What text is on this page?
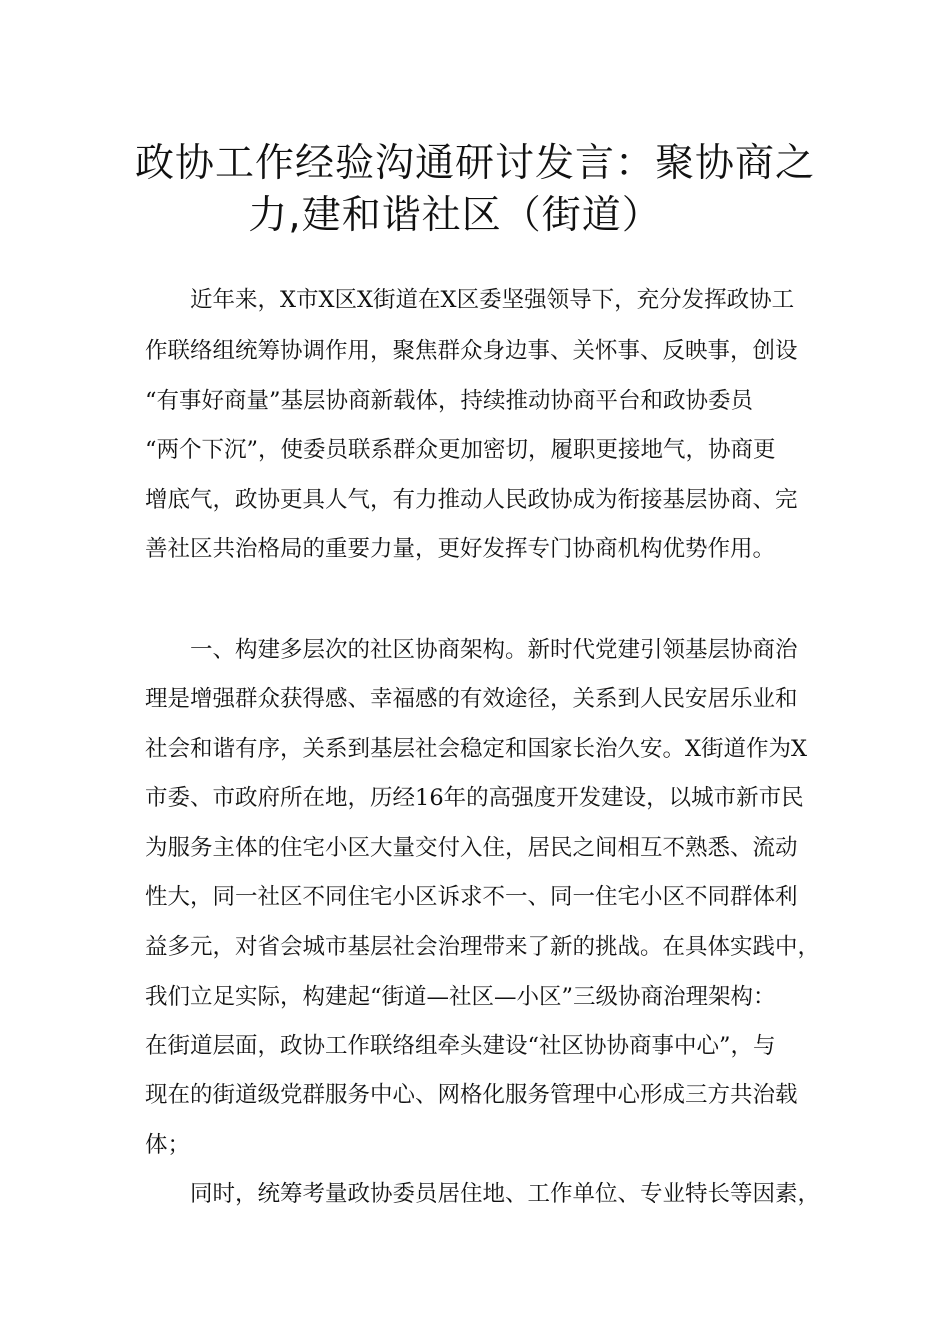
政协工作经验沟通研讨发言：聚协商之
力,建和谐社区（街道）
近年来，X市X区X街道在X区委坚强领导下，充分发挥政协工
作联络组统筹协调作用，聚焦群众身边事、关怀事、反映事，创设
“有事好商量”基层协商新载体，持续推动协商平台和政协委员
“两个下沉”，使委员联系群众更加密切，履职更接地气，协商更
增底气，政协更具人气，有力推动人民政协成为衔接基层协商、完
善社区共治格局的重要力量，更好发挥专门协商机构优势作用。
一、构建多层次的社区协商架构。新时代党建引领基层协商治
理是增强群众获得感、幸福感的有效途径，关系到人民安居乐业和
社会和谐有序，关系到基层社会稳定和国家长治久安。X街道作为X
市委、市政府所在地，历经16年的高强度开发建设，以城市新市民
为服务主体的住宅小区大量交付入住，居民之间相互不熟悉、流动
性大，同一社区不同住宅小区诉求不一、同一住宅小区不同群体利
益多元，对省会城市基层社会治理带来了新的挑战。在具体实践中，
我们立足实际，构建起“街道—社区—小区”三级协商治理架构：
在街道层面，政协工作联络组牵头建设“社区协协商事中心”，与
现在的街道级党群服务中心、网格化服务管理中心形成三方共治载
体；
同时，统筹考量政协委员居住地、工作单位、专业特长等因素，
